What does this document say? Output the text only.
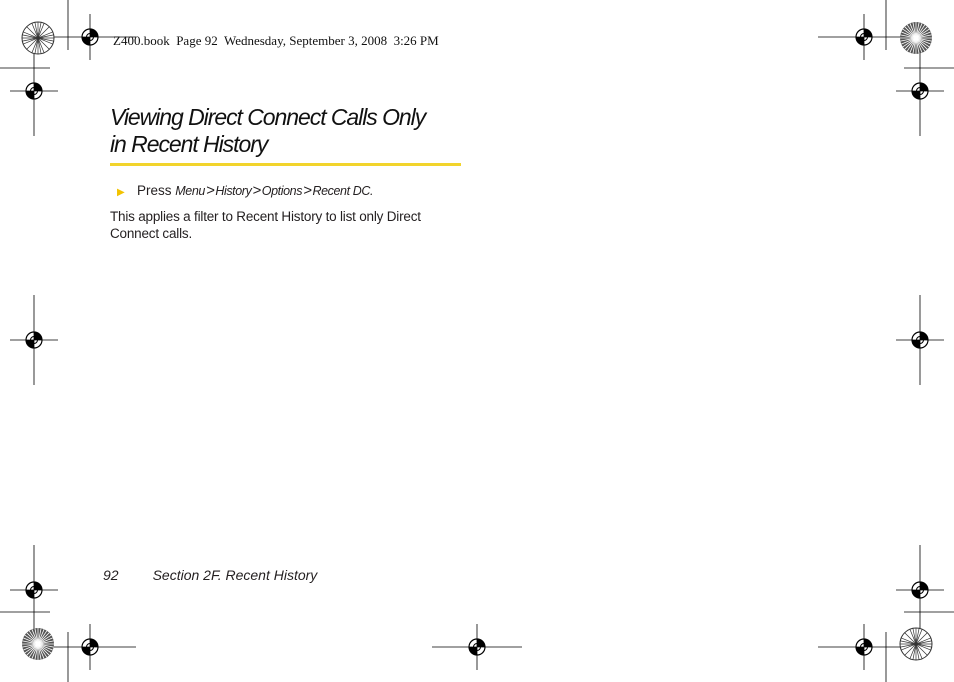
Z400.book  Page 92  Wednesday, September 3, 2008  3:26 PM
Viewing Direct Connect Calls Only
in Recent History
▶ Press Menu>History>Options>Recent DC.

This applies a filter to Recent History to list only Direct Connect calls.

92 Section 2F. Recent History
